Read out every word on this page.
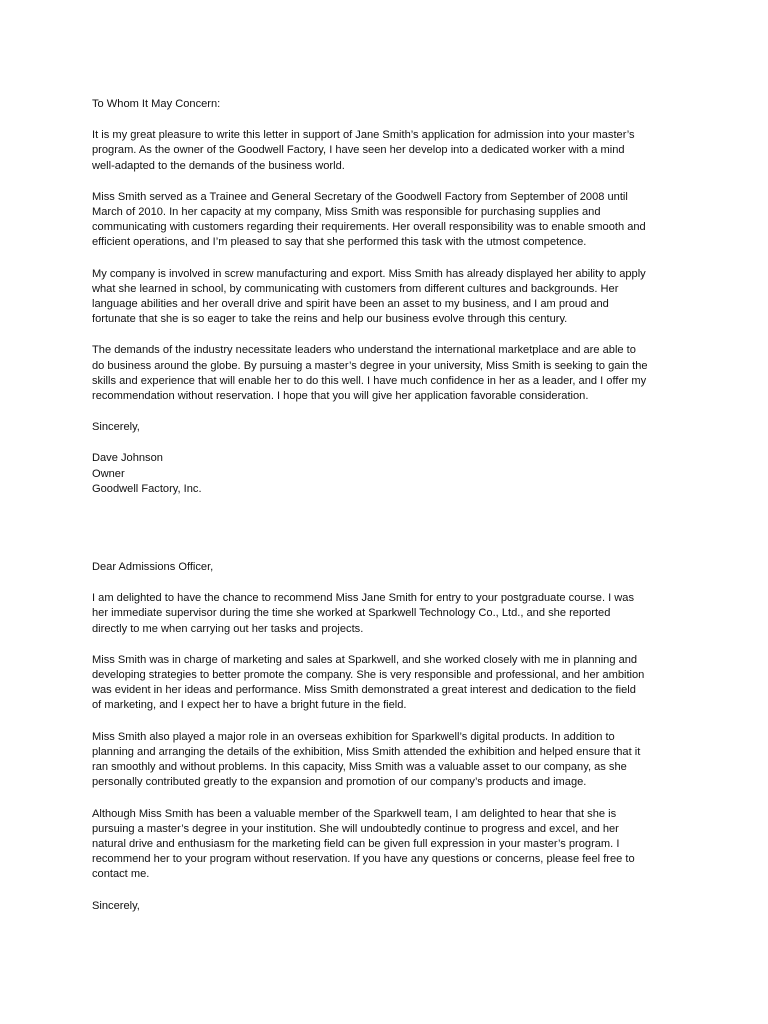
To Whom It May Concern:

It is my great pleasure to write this letter in support of Jane Smith’s application for admission into your master’s
program. As the owner of the Goodwell Factory, I have seen her develop into a dedicated worker with a mind
well-adapted to the demands of the business world.

Miss Smith served as a Trainee and General Secretary of the Goodwell Factory from September of 2008 until
March of 2010. In her capacity at my company, Miss Smith was responsible for purchasing supplies and
communicating with customers regarding their requirements. Her overall responsibility was to enable smooth and
efficient operations, and I’m pleased to say that she performed this task with the utmost competence.

My company is involved in screw manufacturing and export. Miss Smith has already displayed her ability to apply
what she learned in school, by communicating with customers from different cultures and backgrounds. Her
language abilities and her overall drive and spirit have been an asset to my business, and I am proud and
fortunate that she is so eager to take the reins and help our business evolve through this century.

The demands of the industry necessitate leaders who understand the international marketplace and are able to
do business around the globe. By pursuing a master’s degree in your university, Miss Smith is seeking to gain the
skills and experience that will enable her to do this well. I have much confidence in her as a leader, and I offer my
recommendation without reservation. I hope that you will give her application favorable consideration.

Sincerely,

Dave Johnson
Owner
Goodwell Factory, Inc.

Dear Admissions Officer,

I am delighted to have the chance to recommend Miss Jane Smith for entry to your postgraduate course. I was
her immediate supervisor during the time she worked at Sparkwell Technology Co., Ltd., and she reported
directly to me when carrying out her tasks and projects.

Miss Smith was in charge of marketing and sales at Sparkwell, and she worked closely with me in planning and
developing strategies to better promote the company. She is very responsible and professional, and her ambition
was evident in her ideas and performance. Miss Smith demonstrated a great interest and dedication to the field
of marketing, and I expect her to have a bright future in the field.

Miss Smith also played a major role in an overseas exhibition for Sparkwell’s digital products. In addition to
planning and arranging the details of the exhibition, Miss Smith attended the exhibition and helped ensure that it
ran smoothly and without problems. In this capacity, Miss Smith was a valuable asset to our company, as she
personally contributed greatly to the expansion and promotion of our company’s products and image.

Although Miss Smith has been a valuable member of the Sparkwell team, I am delighted to hear that she is
pursuing a master’s degree in your institution. She will undoubtedly continue to progress and excel, and her
natural drive and enthusiasm for the marketing field can be given full expression in your master’s program. I
recommend her to your program without reservation. If you have any questions or concerns, please feel free to
contact me.

Sincerely,
